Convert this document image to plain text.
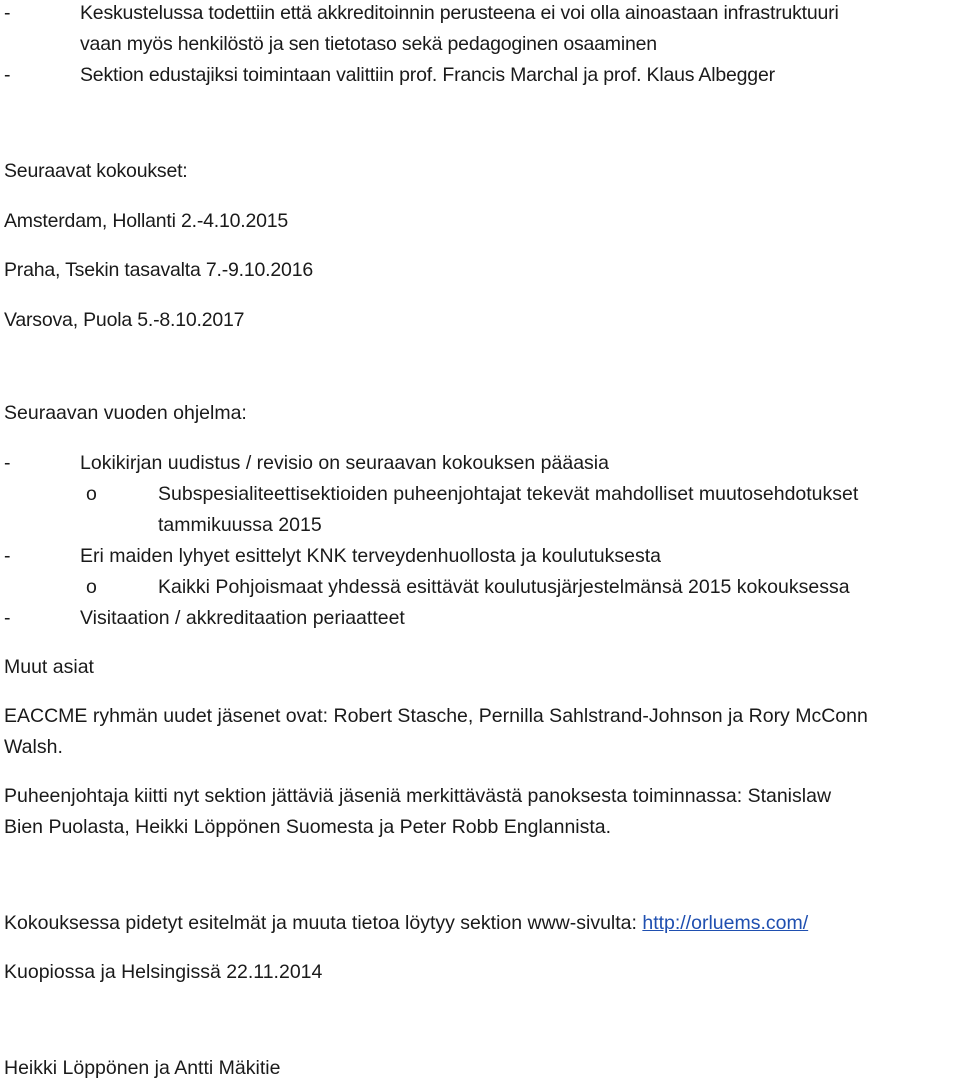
-	Keskustelussa todettiin että akkreditoinnin perusteena ei voi olla ainoastaan infrastruktuuri
vaan myös henkilöstö ja sen tietotaso sekä pedagoginen osaaminen
-	Sektion edustajiksi toimintaan valittiin prof. Francis Marchal ja prof. Klaus Albegger
Seuraavat kokoukset:
Amsterdam, Hollanti 2.-4.10.2015
Praha, Tsekin tasavalta 7.-9.10.2016
Varsova, Puola 5.-8.10.2017
Seuraavan vuoden ohjelma:
-	Lokikirjan uudistus / revisio on seuraavan kokouksen pääasia
o	Subspesialiteettisektioiden puheenjohtajat tekevät mahdolliset muutosehdotukset
tammikuussa 2015
-	Eri maiden lyhyet esittelyt KNK terveydenhuollosta ja koulutuksesta
o	Kaikki Pohjoismaat yhdessä esittävät koulutusjärjestelmänsä 2015 kokouksessa
-	Visitaation / akkreditaation periaatteet
Muut asiat
EACCME ryhmän uudet jäsenet ovat: Robert Stasche, Pernilla Sahlstrand-Johnson ja Rory McConn
Walsh.
Puheenjohtaja kiitti nyt sektion jättäviä jäseniä merkittävästä panoksesta toiminnassa: Stanislaw
Bien Puolasta, Heikki Löppönen Suomesta ja Peter Robb Englannista.
Kokouksessa pidetyt esitelmät ja muuta tietoa löytyy sektion www-sivulta: http://orluems.com/
Kuopiossa ja Helsingissä 22.11.2014
Heikki Löppönen ja Antti Mäkitie
